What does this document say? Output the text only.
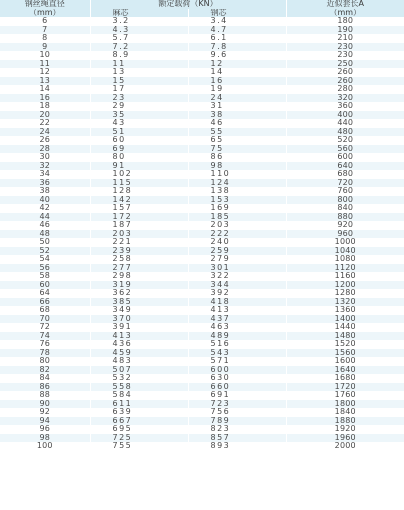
钢丝绳直径	额定载荷（KN）		近似套长A
（mm）	麻芯	钢芯	（mm）
6	3.2	3.4	180
7	4.3	4.7	190
8	5.7	6.1	210
9	7.2	7.8	230
10	8.9	9.6	230
11	11	12	250
12	13	14	260
13	15	16	260
14	17	19	280
16	23	24	320
18	29	31	360
20	35	38	400
22	43	46	440
24	51	55	480
26	60	65	520
28	69	75	560
30	80	86	600
32	91	98	640
34	102	110	680
36	115	124	720
38	128	138	760
40	142	153	800
42	157	169	840
44	172	185	880
46	187	203	920
48	203	222	960
50	221	240	1000
52	239	259	1040
54	258	279	1080
56	277	301	1120
58	298	322	1160
60	319	344	1200
64	362	392	1280
66	385	418	1320
68	349	413	1360
70	370	437	1400
72	391	463	1440
74	413	489	1480
76	436	516	1520
78	459	543	1560
80	483	571	1600
82	507	600	1640
84	532	630	1680
86	558	660	1720
88	584	691	1760
90	611	723	1800
92	639	756	1840
94	667	789	1880
96	695	823	1920
98	725	857	1960
100	755	893	2000
